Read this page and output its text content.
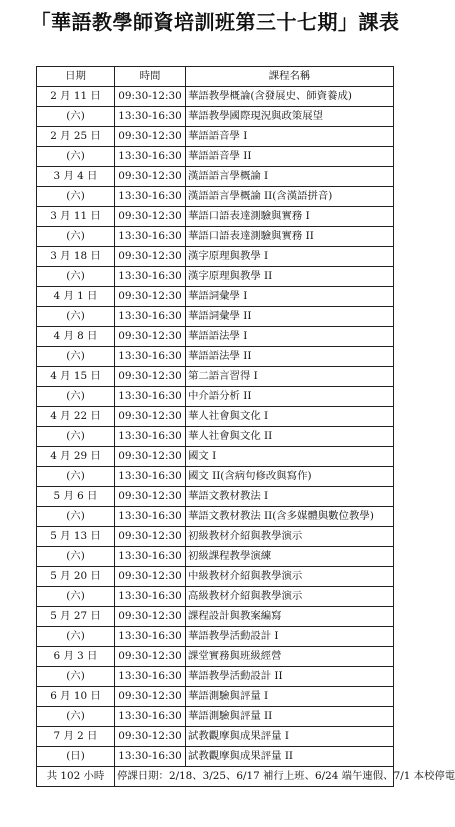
「華語教學師資培訓班第三十七期」課表
日期	時間	課程名稱
2 月 11 日	09:30-12:30	華語教學概論(含發展史、師資養成)
(六)	13:30-16:30	華語教學國際現況與政策展望
2 月 25 日	09:30-12:30	華語語音學 I
(六)	13:30-16:30	華語語音學 II
3 月 4 日	09:30-12:30	漢語語言學概論 I
(六)	13:30-16:30	漢語語言學概論 II(含漢語拼音)
3 月 11 日	09:30-12:30	華語口語表達測驗與實務 I
(六)	13:30-16:30	華語口語表達測驗與實務 II
3 月 18 日	09:30-12:30	漢字原理與教學 I
(六)	13:30-16:30	漢字原理與教學 II
4 月 1 日	09:30-12:30	華語詞彙學 I
(六)	13:30-16:30	華語詞彙學 II
4 月 8 日	09:30-12:30	華語語法學 I
(六)	13:30-16:30	華語語法學 II
4 月 15 日	09:30-12:30	第二語言習得 I
(六)	13:30-16:30	中介語分析 II
4 月 22 日	09:30-12:30	華人社會與文化 I
(六)	13:30-16:30	華人社會與文化 II
4 月 29 日	09:30-12:30	國文 I
(六)	13:30-16:30	國文 II(含病句修改與寫作)
5 月 6 日	09:30-12:30	華語文教材教法 I
(六)	13:30-16:30	華語文教材教法 II(含多媒體與數位教學)
5 月 13 日	09:30-12:30	初級教材介紹與教學演示
(六)	13:30-16:30	初級課程教學演練
5 月 20 日	09:30-12:30	中級教材介紹與教學演示
(六)	13:30-16:30	高級教材介紹與教學演示
5 月 27 日	09:30-12:30	課程設計與教案編寫
(六)	13:30-16:30	華語教學活動設計 I
6 月 3 日	09:30-12:30	課堂實務與班級經營
(六)	13:30-16:30	華語教學活動設計 II
6 月 10 日	09:30-12:30	華語測驗與評量 I
(六)	13:30-16:30	華語測驗與評量 II
7 月 2 日	09:30-12:30	試教觀摩與成果評量 I
(日)	13:30-16:30	試教觀摩與成果評量 II
共 102 小時	停課日期：2/18、3/25、6/17 補行上班、6/24 端午連假、7/1 本校停電	
